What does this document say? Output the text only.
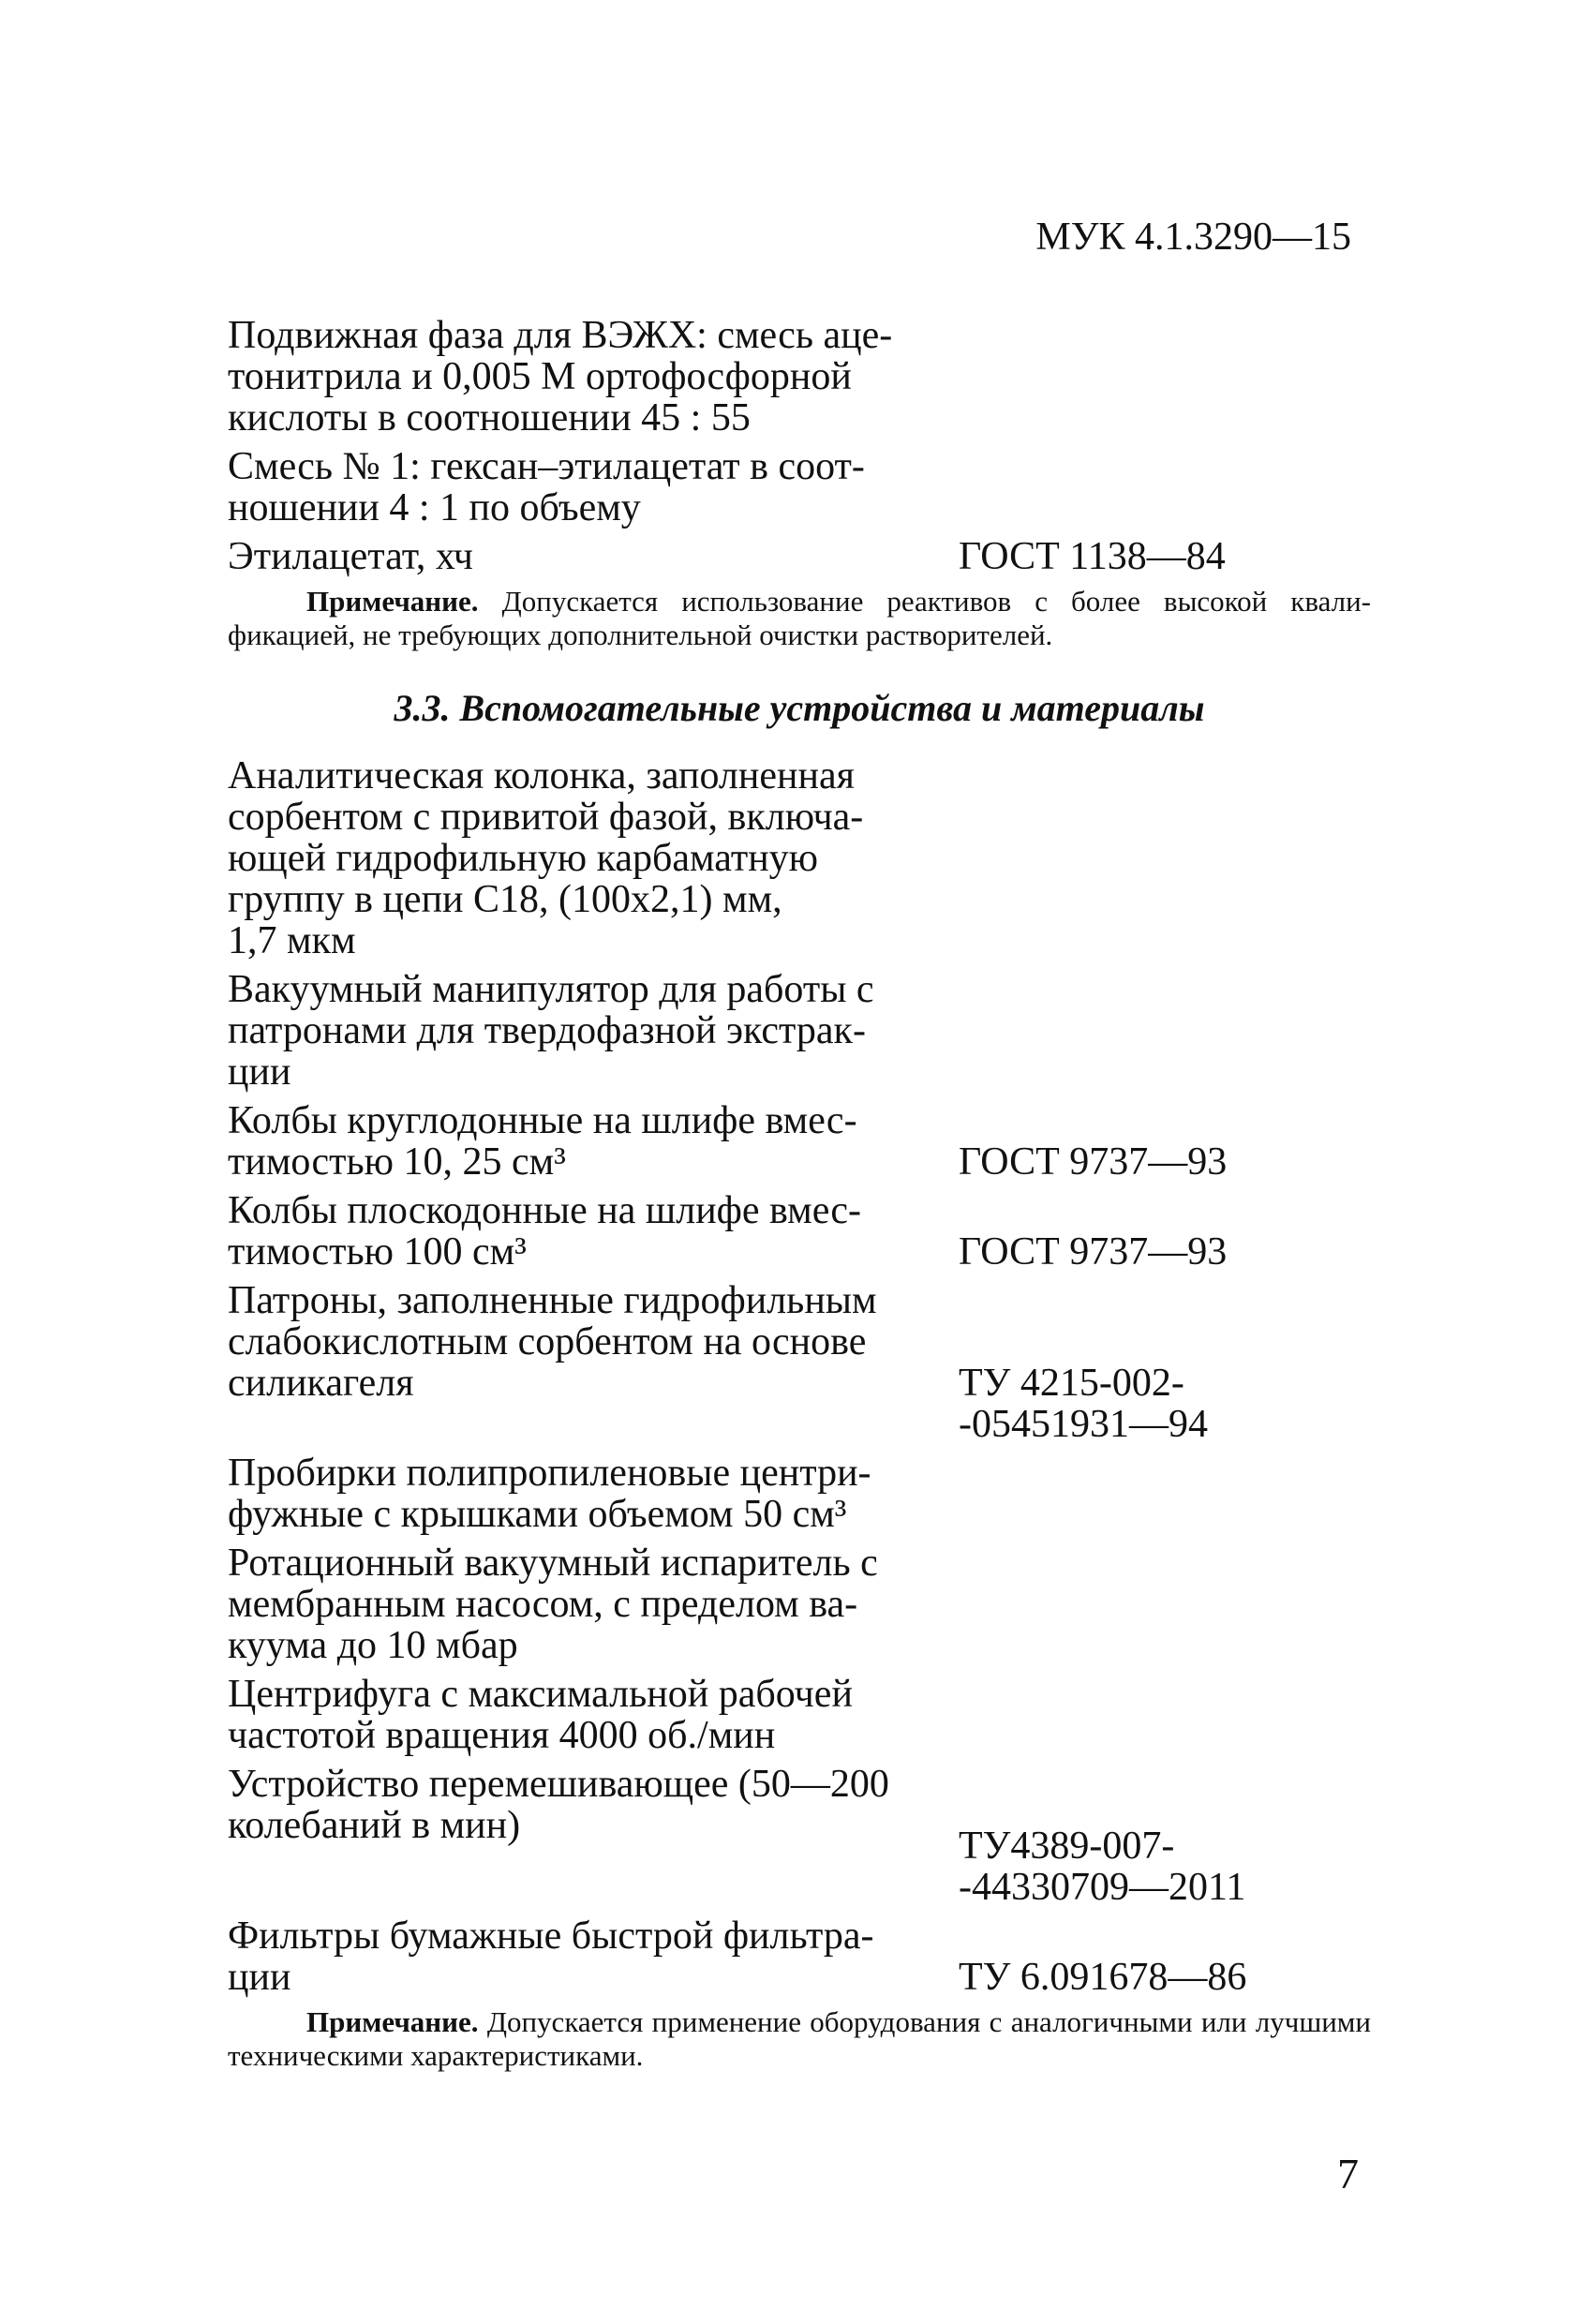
МУК 4.1.3290—15
Подвижная фаза для ВЭЖХ: смесь аце-
тонитрила и 0,005 М ортофосфорной
кислоты в соотношении 45 : 55
Смесь № 1: гексан–этилацетат в соот-
ношении 4 : 1 по объему
Этилацетат, хч	ГОСТ 1138—84
Примечание. Допускается использование реактивов с более высокой квали-фикацией, не требующих дополнительной очистки растворителей.
3.3. Вспомогательные устройства и материалы
Аналитическая колонка, заполненная
сорбентом с привитой фазой, включа-
ющей гидрофильную карбаматную
группу в цепи С18, (100х2,1) мм,
1,7 мкм
Вакуумный манипулятор для работы с
патронами для твердофазной экстрак-
ции
Колбы круглодонные на шлифе вмес-
тимостью 10, 25 см³	ГОСТ 9737—93
Колбы плоскодонные на шлифе вмес-
тимостью 100 см³	ГОСТ 9737—93
Патроны, заполненные гидрофильным
слабокислотным сорбентом на основе
силикагеля	ТУ 4215-002-
-05451931—94
Пробирки полипропиленовые центри-
фужные с крышками объемом 50 см³
Ротационный вакуумный испаритель с
мембранным насосом, с пределом ва-
куума до 10 мбар
Центрифуга с максимальной рабочей
частотой вращения 4000 об./мин
Устройство перемешивающее (50—200
колебаний в мин)	ТУ4389-007-
-44330709—2011
Фильтры бумажные быстрой фильтра-
ции	ТУ 6.091678—86
Примечание. Допускается применение оборудования с аналогичными или лучшими техническими характеристиками.
7
